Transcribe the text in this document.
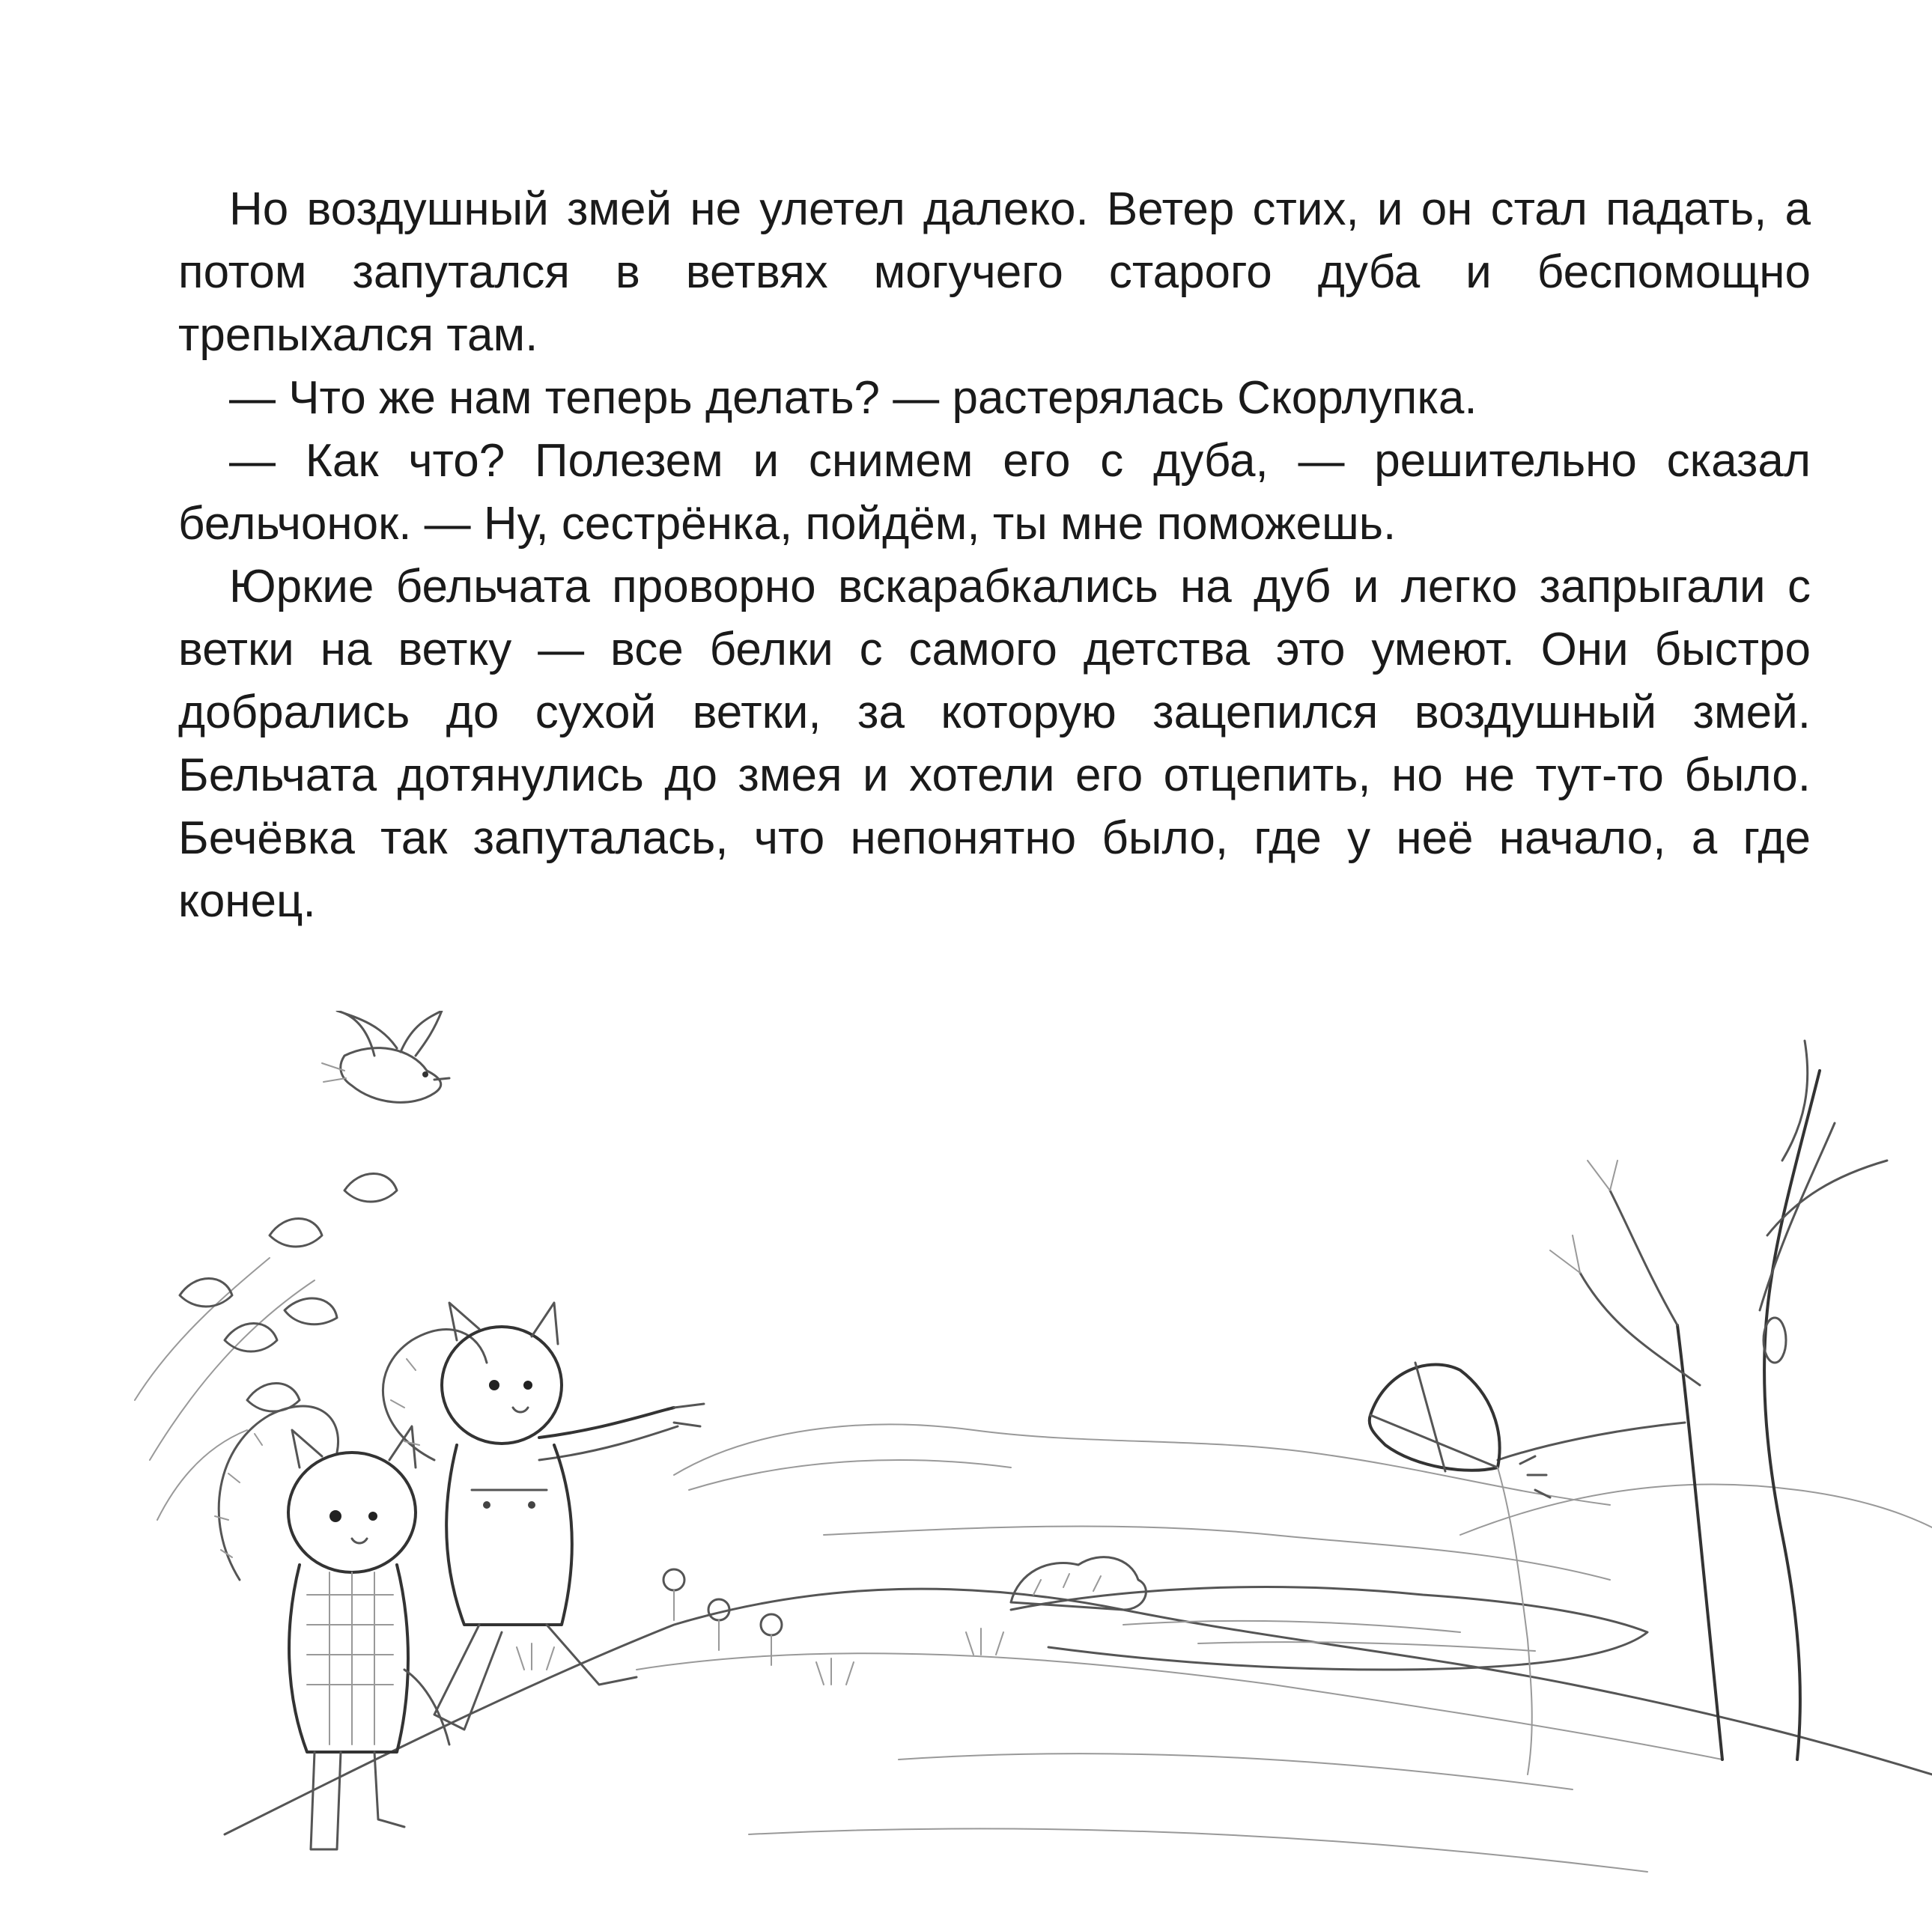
Но воздушный змей не улетел далеко. Ветер стих, и он стал падать, а потом запутался в ветвях могучего старого дуба и беспомощно трепыхался там.

— Что же нам теперь делать? — растерялась Скорлупка.

— Как что? Полезем и снимем его с дуба, — решительно сказал бельчонок. — Ну, сестрёнка, пойдём, ты мне поможешь.

Юркие бельчата проворно вскарабкались на дуб и легко запрыгали с ветки на ветку — все белки с самого детства это умеют. Они быстро добрались до сухой ветки, за которую зацепился воздушный змей. Бельчата дотянулись до змея и хотели его отцепить, но не тут-то было. Бечёвка так запуталась, что непонятно было, где у неё начало, а где конец.
